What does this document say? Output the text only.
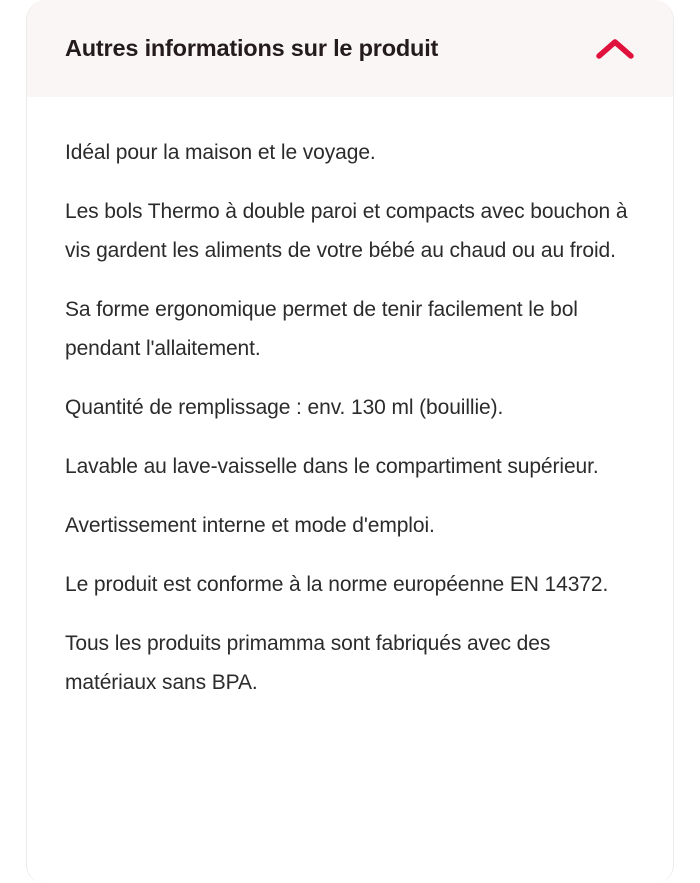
Autres informations sur le produit

Idéal pour la maison et le voyage.

Les bols Thermo à double paroi et compacts avec bouchon à vis gardent les aliments de votre bébé au chaud ou au froid.

Sa forme ergonomique permet de tenir facilement le bol pendant l'allaitement.

Quantité de remplissage : env. 130 ml (bouillie).

Lavable au lave-vaisselle dans le compartiment supérieur.

Avertissement interne et mode d'emploi.

Le produit est conforme à la norme européenne EN 14372.

Tous les produits primamma sont fabriqués avec des matériaux sans BPA.
